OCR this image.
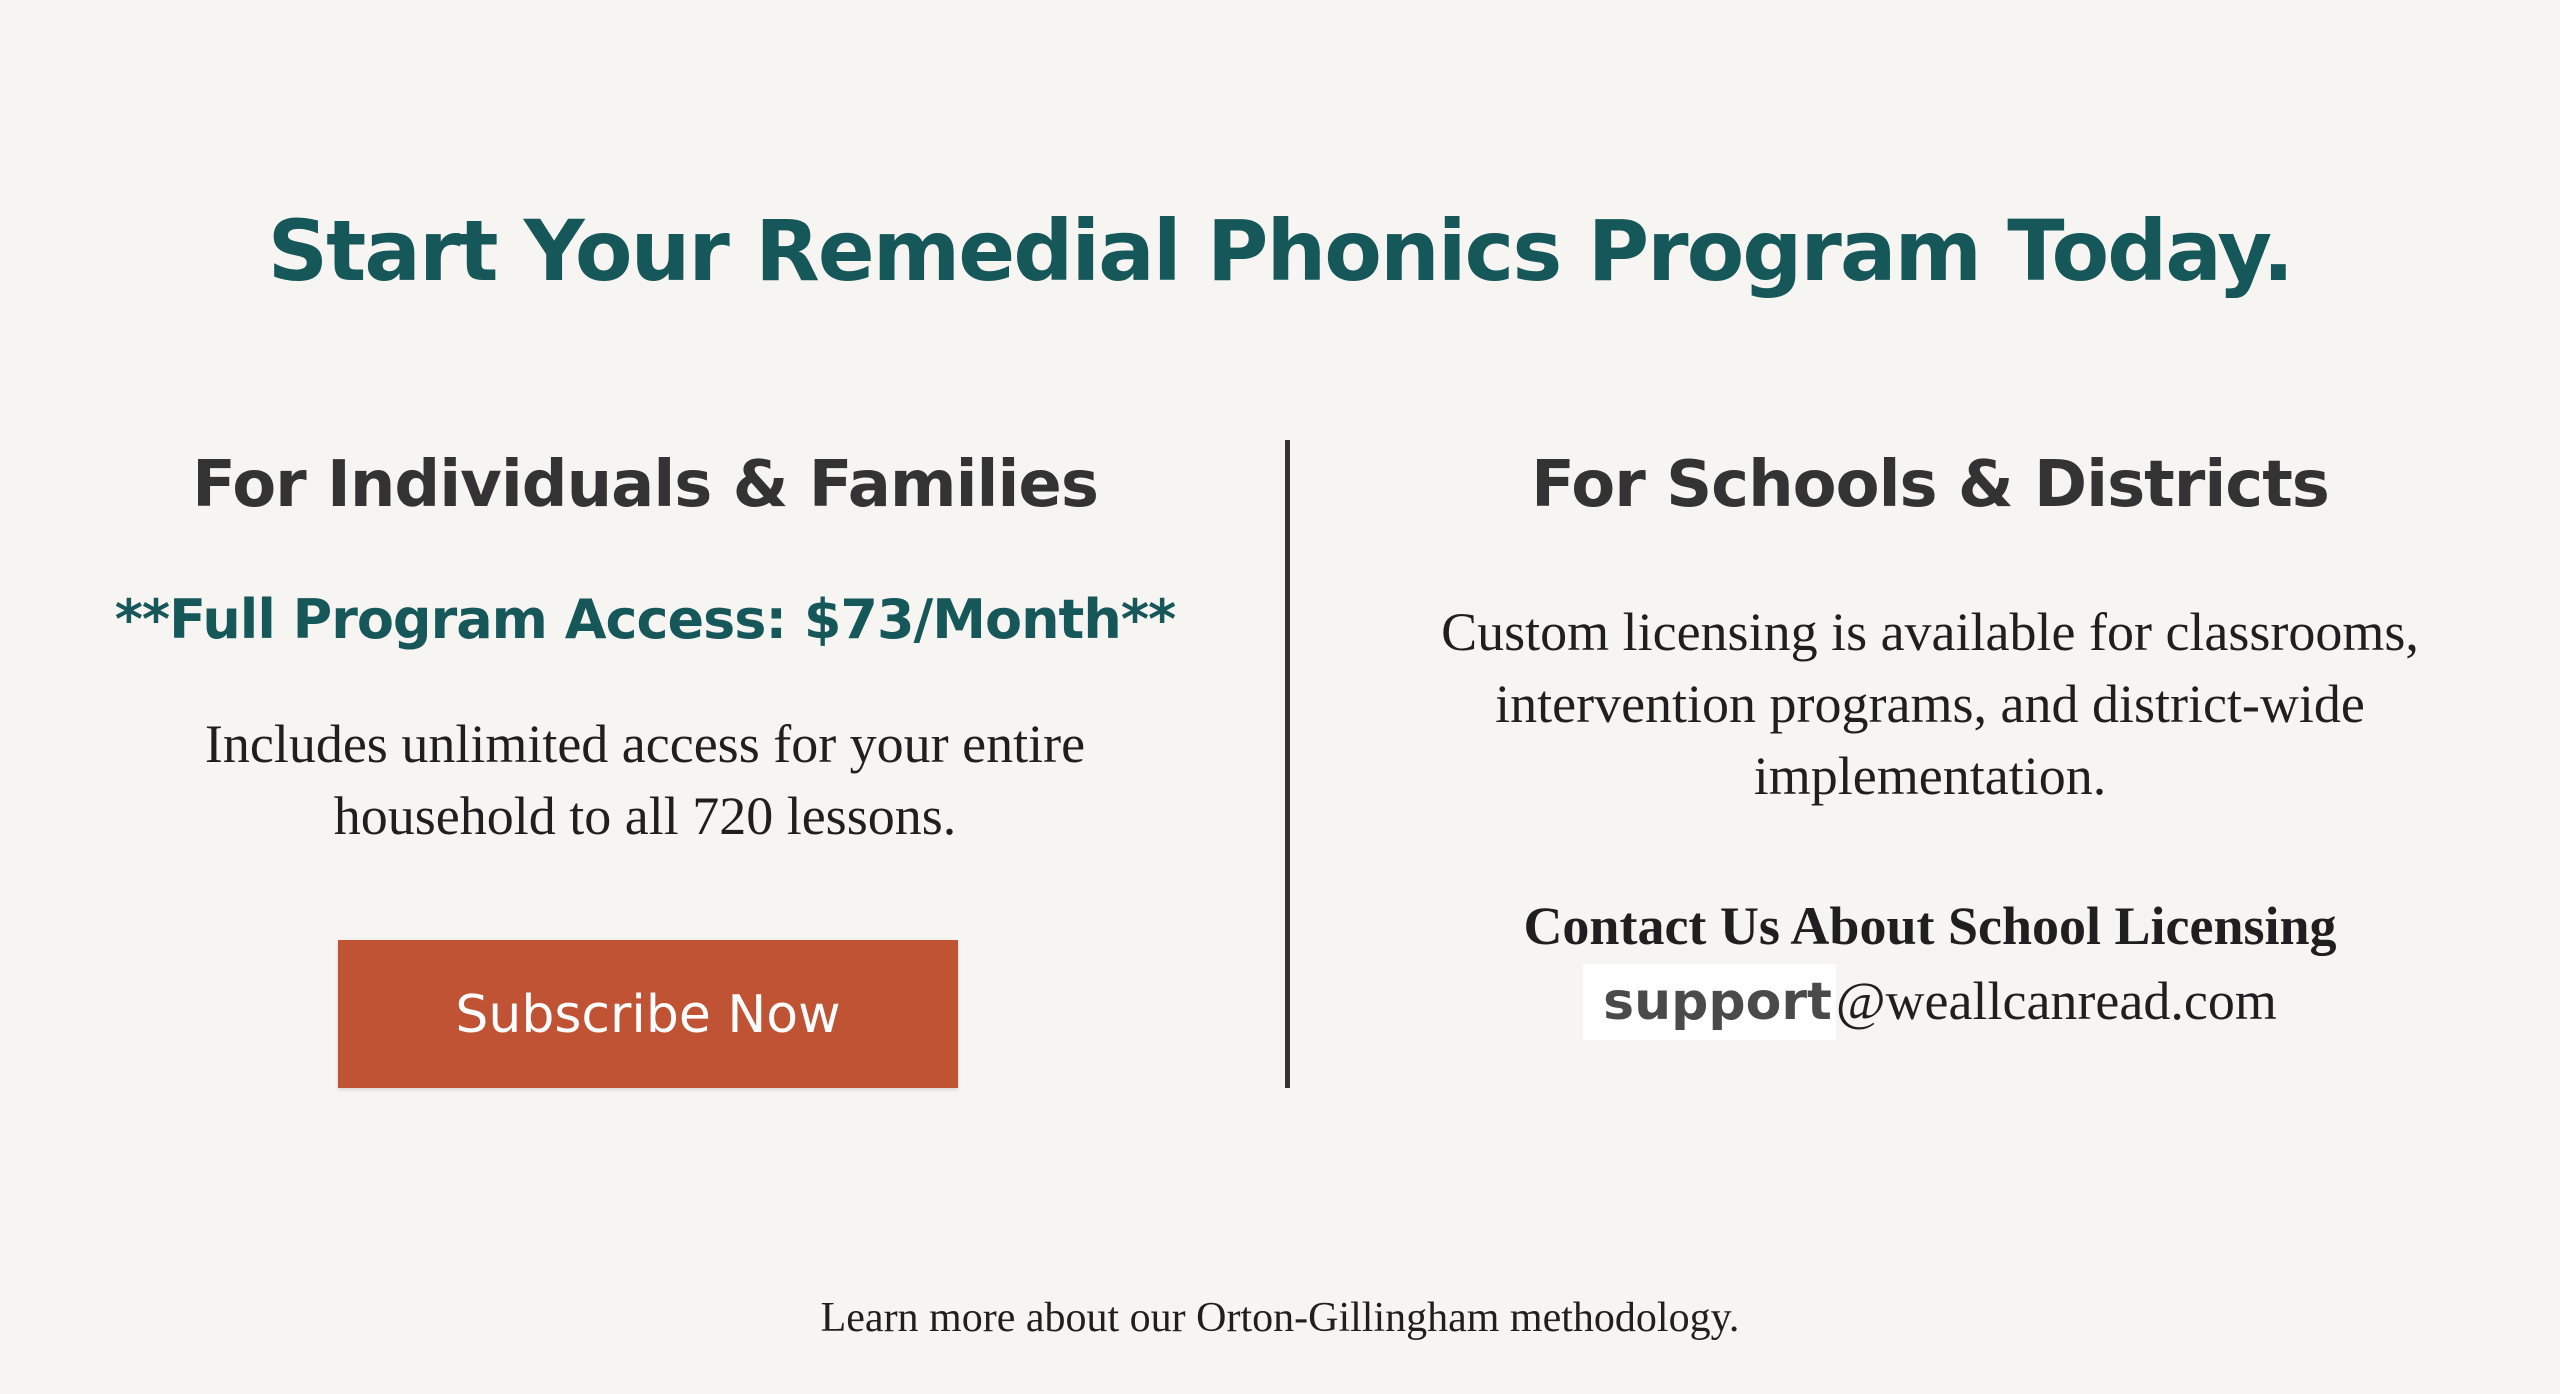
Start Your Remedial Phonics Program Today.
For Individuals & Families
**Full Program Access: $73/Month**
Includes unlimited access for your entire household to all 720 lessons.
Subscribe Now
For Schools & Districts
Custom licensing is available for classrooms, intervention programs, and district-wide implementation.
Contact Us About School Licensing
support@weallcanread.com
Learn more about our Orton-Gillingham methodology.
